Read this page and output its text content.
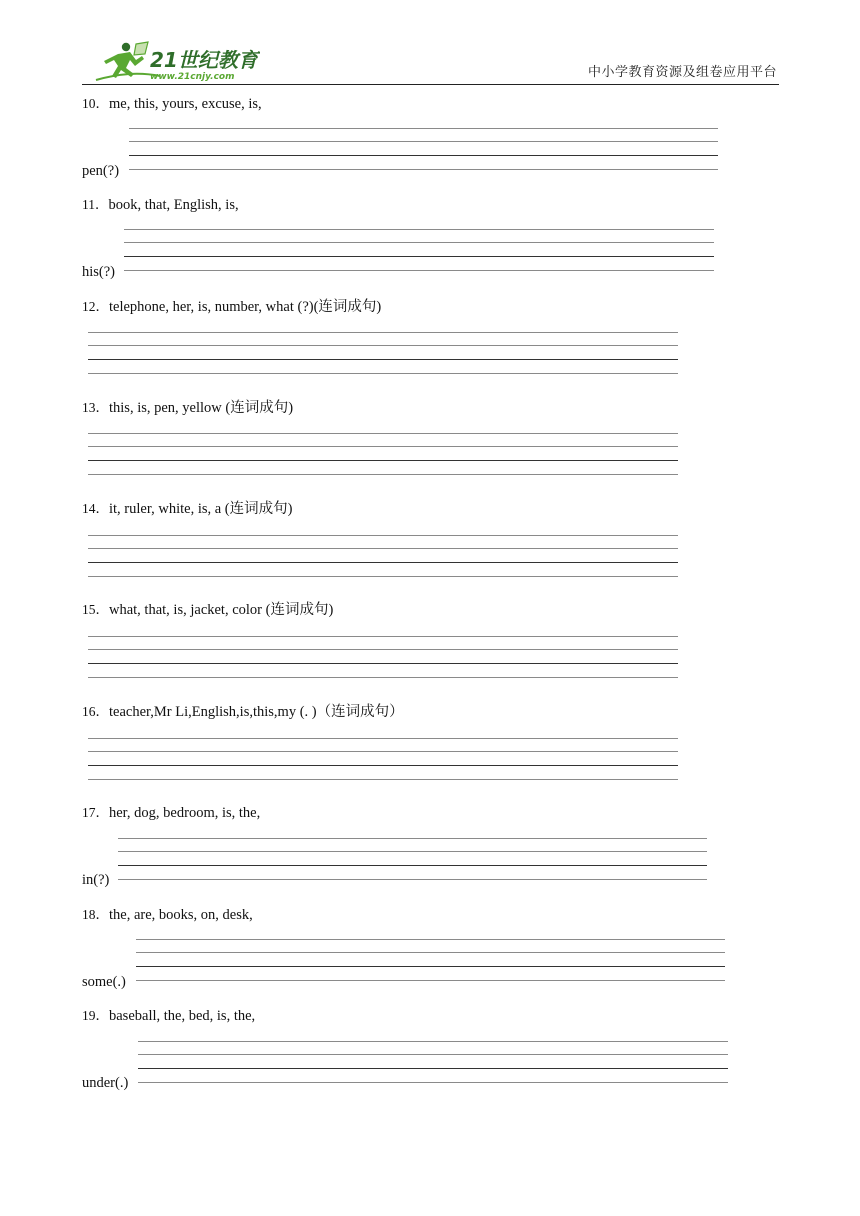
21世纪教育
www.21cnjy.com	中小学教育资源及组卷应用平台
10．me, this, yours, excuse, is,
pen(?)
11．book, that, English, is,
his(?)
12．telephone, her, is, number, what (?)(连词成句)
13．this, is, pen, yellow (连词成句)
14．it, ruler, white, is, a (连词成句)
15．what, that, is, jacket, color (连词成句)
16．teacher,Mr Li,English,is,this,my (. )（连词成句）
17．her, dog, bedroom, is, the,
in(?)
18．the, are, books, on, desk,
some(.)
19．baseball, the, bed, is, the,
under(.)
